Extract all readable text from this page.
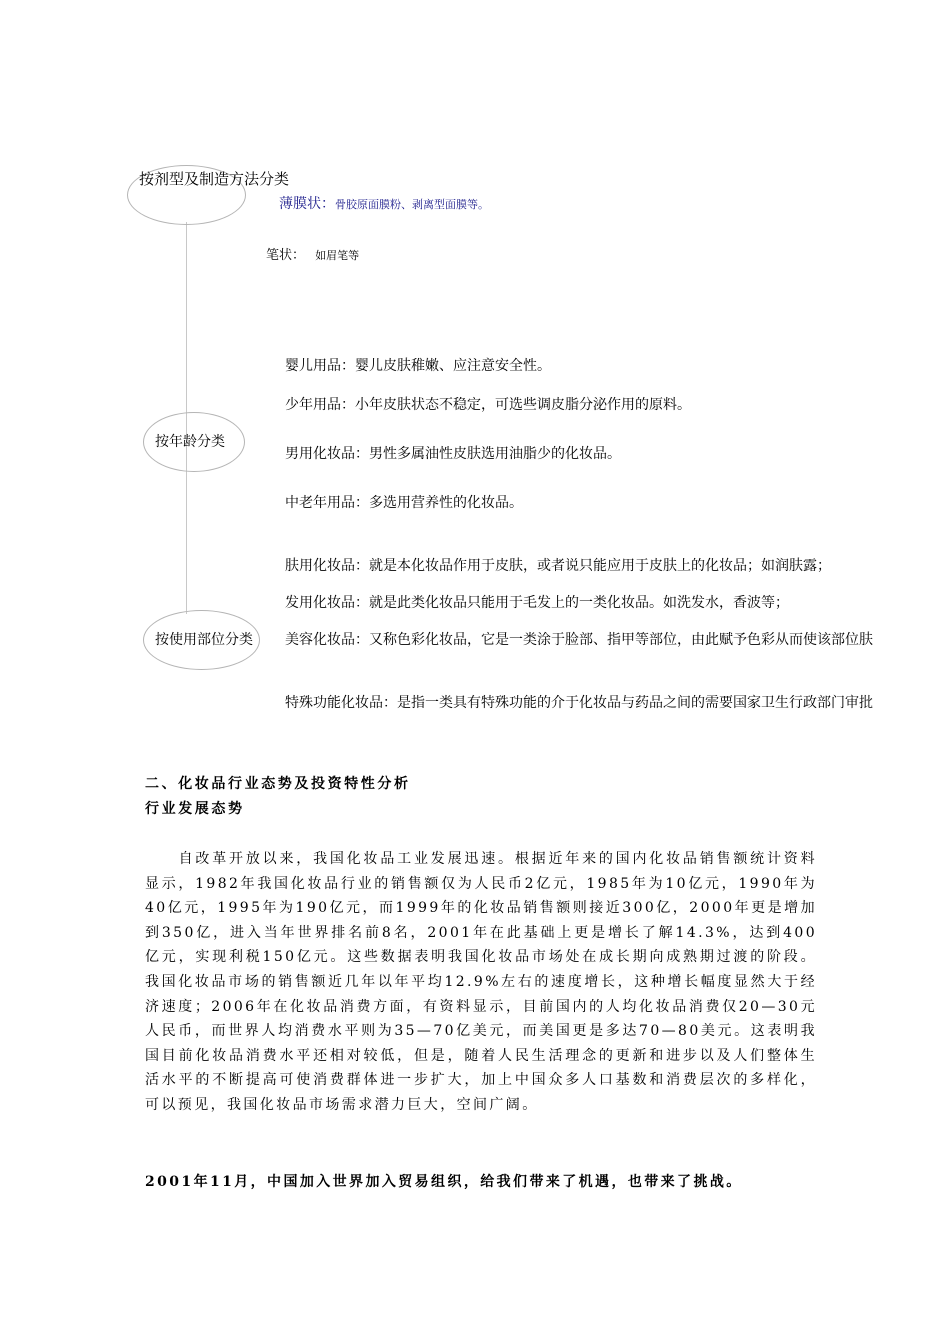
按剂型及制造方法分类
按年龄分类
按使用部位分类
薄膜状：骨胶原面膜粉、剥离型面膜等。
笔状： 如眉笔等
婴儿用品：婴儿皮肤稚嫩、应注意安全性。
少年用品：小年皮肤状态不稳定，可选些调皮脂分泌作用的原料。
男用化妆品：男性多属油性皮肤选用油脂少的化妆品。
中老年用品：多选用营养性的化妆品。
肤用化妆品：就是本化妆品作用于皮肤，或者说只能应用于皮肤上的化妆品；如润肤露；
发用化妆品：就是此类化妆品只能用于毛发上的一类化妆品。如洗发水，香波等；
美容化妆品：又称色彩化妆品，它是一类涂于脸部、指甲等部位，由此赋予色彩从而使该部位肤
特殊功能化妆品：是指一类具有特殊功能的介于化妆品与药品之间的需要国家卫生行政部门审批
二、化妆品行业态势及投资特性分析
行业发展态势
　　自改革开放以来，我国化妆品工业发展迅速。根据近年来的国内化妆品销售额统计资料显示，1982年我国化妆品行业的销售额仅为人民币2亿元，1985年为10亿元，1990年为40亿元，1995年为190亿元，而1999年的化妆品销售额则接近300亿，2000年更是增加到350亿，进入当年世界排名前8名，2001年在此基础上更是增长了解14.3%，达到400亿元，实现利税150亿元。这些数据表明我国化妆品市场处在成长期向成熟期过渡的阶段。我国化妆品市场的销售额近几年以年平均12.9%左右的速度增长，这种增长幅度显然大于经济速度；2006年在化妆品消费方面，有资料显示，目前国内的人均化妆品消费仅20—30元人民币，而世界人均消费水平则为35—70亿美元，而美国更是多达70—80美元。这表明我国目前化妆品消费水平还相对较低，但是，随着人民生活理念的更新和进步以及人们整体生活水平的不断提高可使消费群体进一步扩大，加上中国众多人口基数和消费层次的多样化，可以预见，我国化妆品市场需求潜力巨大，空间广阔。
2001年11月，中国加入世界加入贸易组织，给我们带来了机遇，也带来了挑战。
